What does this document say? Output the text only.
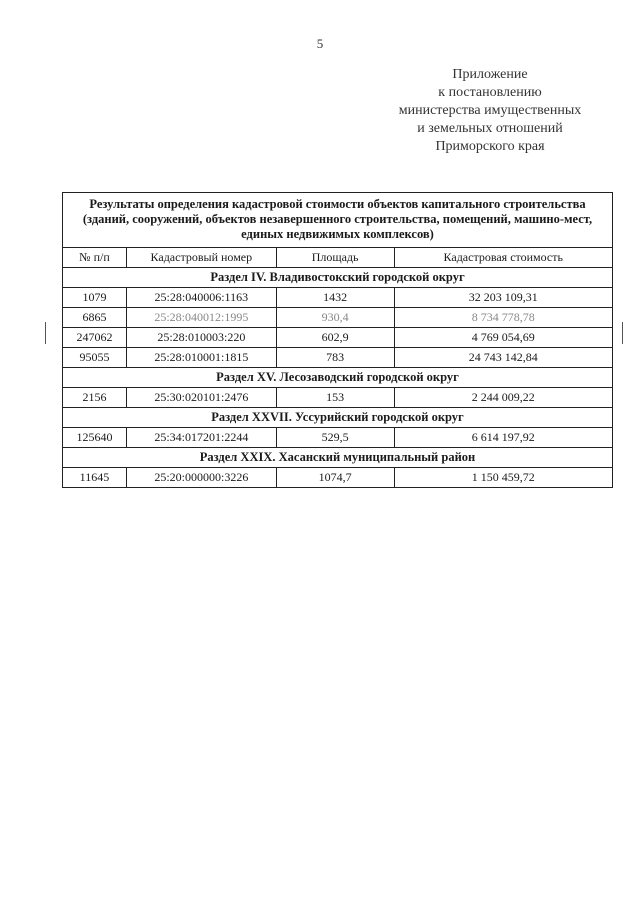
5
Приложение
к постановлению
министерства имущественных
и земельных отношений
Приморского края
Результаты определения кадастровой стоимости объектов капитального строительства
(зданий, сооружений, объектов незавершенного строительства, помещений, машино-мест,
единых недвижимых комплексов)			

№ п/п	Кадастровый номер	Площадь	Кадастровая стоимость
Раздел IV. Владивостокский городской округ			
1079	25:28:040006:1163	1432	32 203 109,31
6865	25:28:040012:1995	930,4	8 734 778,78
247062	25:28:010003:220	602,9	4 769 054,69
95055	25:28:010001:1815	783	24 743 142,84
Раздел XV. Лесозаводский городской округ			
2156	25:30:020101:2476	153	2 244 009,22
Раздел XXVII. Уссурийский городской округ			
125640	25:34:017201:2244	529,5	6 614 197,92
Раздел XXIX. Хасанский муниципальный район			
11645	25:20:000000:3226	1074,7	1 150 459,72
